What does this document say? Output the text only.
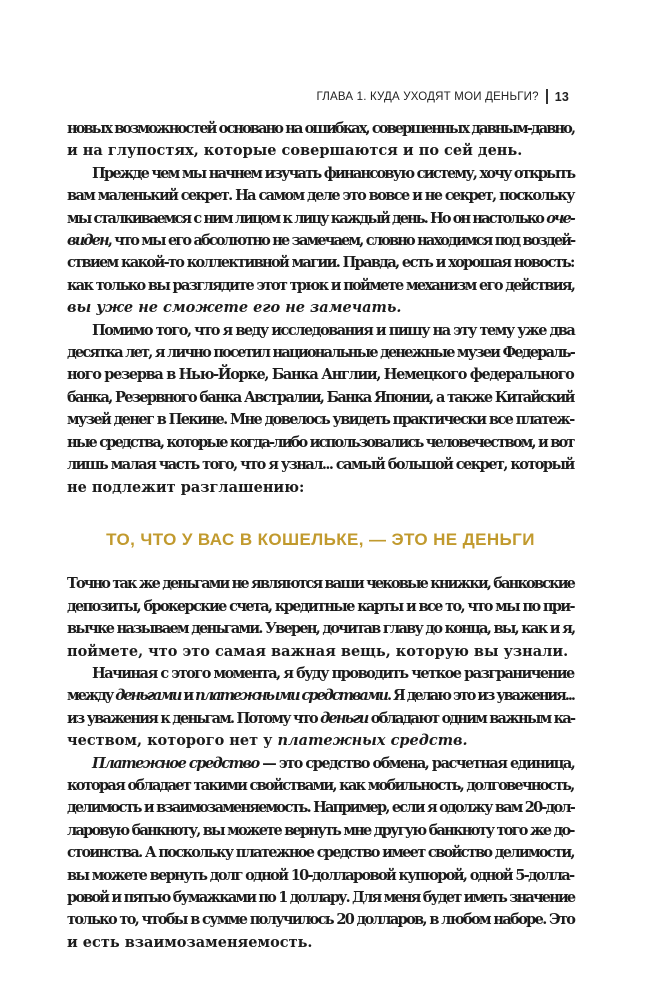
ГЛАВА 1. КУДА УХОДЯТ МОИ ДЕНЬГИ? 13
новых возможностей основано на ошибках, совершенных давным-давно,
и на глупостях, которые совершаются и по сей день.
Прежде чем мы начнем изучать финансовую систему, хочу открыть
вам маленький секрет. На самом деле это вовсе и не секрет, поскольку
мы сталкиваемся с ним лицом к лицу каждый день. Но он настолько оче-
виден, что мы его абсолютно не замечаем, словно находимся под воздей-
ствием какой-то коллективной магии. Правда, есть и хорошая новость:
как только вы разглядите этот трюк и поймете механизм его действия,
вы уже не сможете его не замечать.
Помимо того, что я веду исследования и пишу на эту тему уже два
десятка лет, я лично посетил национальные денежные музеи Федераль-
ного резерва в Нью-Йорке, Банка Англии, Немецкого федерального
банка, Резервного банка Австралии, Банка Японии, а также Китайский
музей денег в Пекине. Мне довелось увидеть практически все платеж-
ные средства, которые когда-либо использовались человечеством, и вот
лишь малая часть того, что я узнал... самый большой секрет, который
не подлежит разглашению:
ТО, ЧТО У ВАС В КОШЕЛЬКЕ, — ЭТО НЕ ДЕНЬГИ
Точно так же деньгами не являются ваши чековые книжки, банковские
депозиты, брокерские счета, кредитные карты и все то, что мы по при-
вычке называем деньгами. Уверен, дочитав главу до конца, вы, как и я,
поймете, что это самая важная вещь, которую вы узнали.
Начиная с этого момента, я буду проводить четкое разграничение
между деньгами и платежными средствами. Я делаю это из уважения...
из уважения к деньгам. Потому что деньги обладают одним важным ка-
чеством, которого нет у платежных средств.
Платежное средство — это средство обмена, расчетная единица,
которая обладает такими свойствами, как мобильность, долговечность,
делимость и взаимозаменяемость. Например, если я одолжу вам 20-дол-
ларовую банкноту, вы можете вернуть мне другую банкноту того же до-
стоинства. А поскольку платежное средство имеет свойство делимости,
вы можете вернуть долг одной 10-долларовой купюрой, одной 5-долла-
ровой и пятью бумажками по 1 доллару. Для меня будет иметь значение
только то, чтобы в сумме получилось 20 долларов, в любом наборе. Это
и есть взаимозаменяемость.
